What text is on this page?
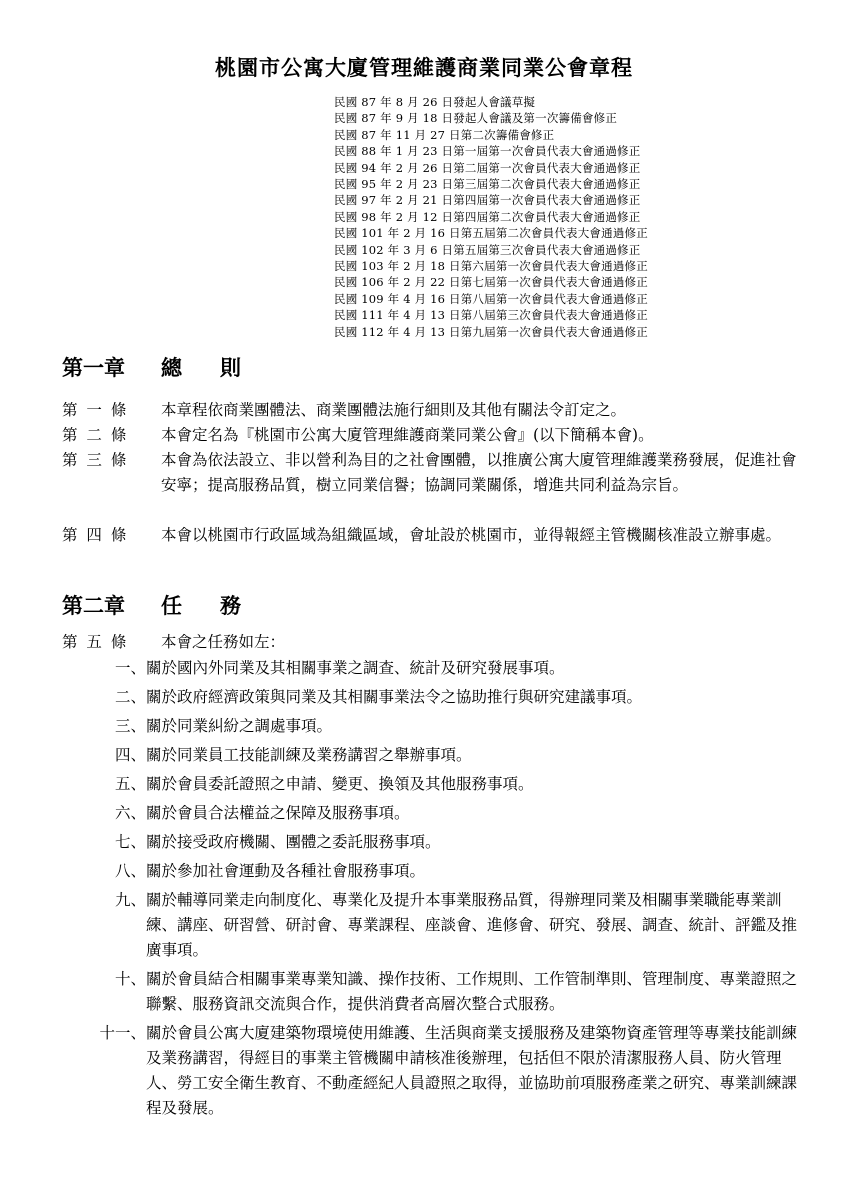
桃園市公寓大廈管理維護商業同業公會章程
民國 87 年 8 月 26 日發起人會議草擬
民國 87 年 9 月 18 日發起人會議及第一次籌備會修正
民國 87 年 11 月 27 日第二次籌備會修正
民國 88 年 1 月 23 日第一屆第一次會員代表大會通過修正
民國 94 年 2 月 26 日第二屆第一次會員代表大會通過修正
民國 95 年 2 月 23 日第三屆第二次會員代表大會通過修正
民國 97 年 2 月 21 日第四屆第一次會員代表大會通過修正
民國 98 年 2 月 12 日第四屆第二次會員代表大會通過修正
民國 101 年 2 月 16 日第五屆第二次會員代表大會通過修正
民國 102 年 3 月 6 日第五屆第三次會員代表大會通過修正
民國 103 年 2 月 18 日第六屆第一次會員代表大會通過修正
民國 106 年 2 月 22 日第七屆第一次會員代表大會通過修正
民國 109 年 4 月 16 日第八屆第一次會員代表大會通過修正
民國 111 年 4 月 13 日第八屆第三次會員代表大會通過修正
民國 112 年 4 月 13 日第九屆第一次會員代表大會通過修正
第一章 總則
第 一 條	本章程依商業團體法、商業團體法施行細則及其他有關法令訂定之。
第 二 條	本會定名為『桃園市公寓大廈管理維護商業同業公會』(以下簡稱本會)。
第 三 條	本會為依法設立、非以營利為目的之社會團體，以推廣公寓大廈管理維護業務發展，促進社會安寧；提高服務品質，樹立同業信譽；協調同業關係，增進共同利益為宗旨。
第 四 條	本會以桃園市行政區域為組織區域，會址設於桃園市，並得報經主管機關核准設立辦事處。
第二章 任務
第 五 條	本會之任務如左：
一、 關於國內外同業及其相關事業之調查、統計及研究發展事項。
二、 關於政府經濟政策與同業及其相關事業法令之協助推行與研究建議事項。
三、 關於同業糾紛之調處事項。
四、 關於同業員工技能訓練及業務講習之舉辦事項。
五、 關於會員委託證照之申請、變更、換領及其他服務事項。
六、 關於會員合法權益之保障及服務事項。
七、 關於接受政府機關、團體之委託服務事項。
八、 關於參加社會運動及各種社會服務事項。
九、 關於輔導同業走向制度化、專業化及提升本事業服務品質，得辦理同業及相關事業職能專業訓練、講座、研習營、研討會、專業課程、座談會、進修會、研究、發展、調查、統計、評鑑及推廣事項。
十、 關於會員結合相關事業專業知識、操作技術、工作規則、工作管制準則、管理制度、專業證照之聯繫、服務資訊交流與合作，提供消費者高層次整合式服務。
十一、 關於會員公寓大廈建築物環境使用維護、生活與商業支援服務及建築物資產管理等專業技能訓練及業務講習，得經目的事業主管機關申請核准後辦理，包括但不限於清潔服務人員、防火管理人、勞工安全衛生教育、不動產經紀人員證照之取得，並協助前項服務產業之研究、專業訓練課程及發展。
